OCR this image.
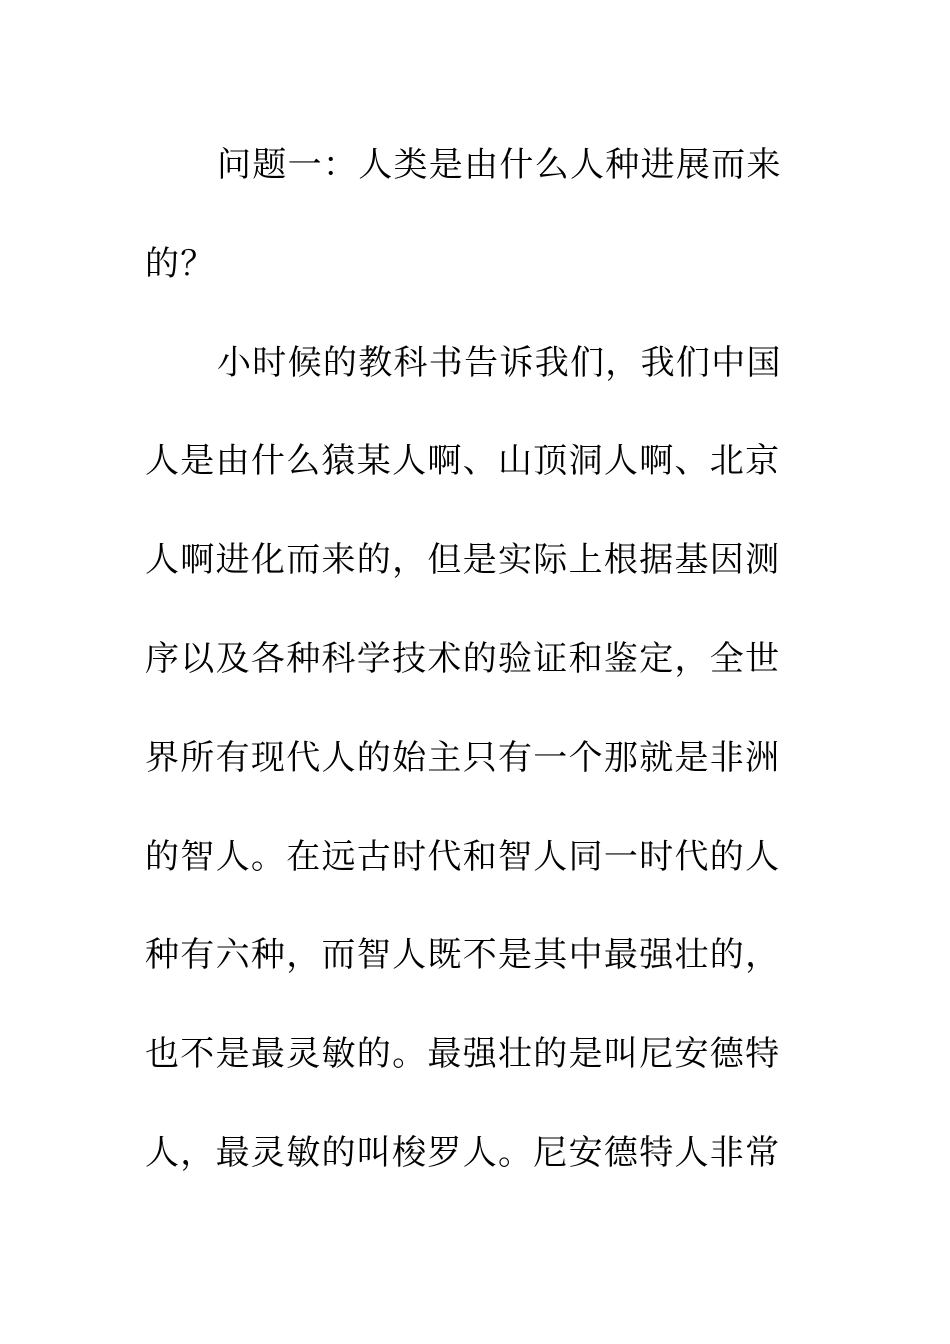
问题一：人类是由什么人种进展而来
的？
小时候的教科书告诉我们，我们中国
人是由什么猿某人啊、山顶洞人啊、北京
人啊进化而来的，但是实际上根据基因测
序以及各种科学技术的验证和鉴定，全世
界所有现代人的始主只有一个那就是非洲
的智人。在远古时代和智人同一时代的人
种有六种，而智人既不是其中最强壮的，
也不是最灵敏的。最强壮的是叫尼安德特
人，最灵敏的叫梭罗人。尼安德特人非常
